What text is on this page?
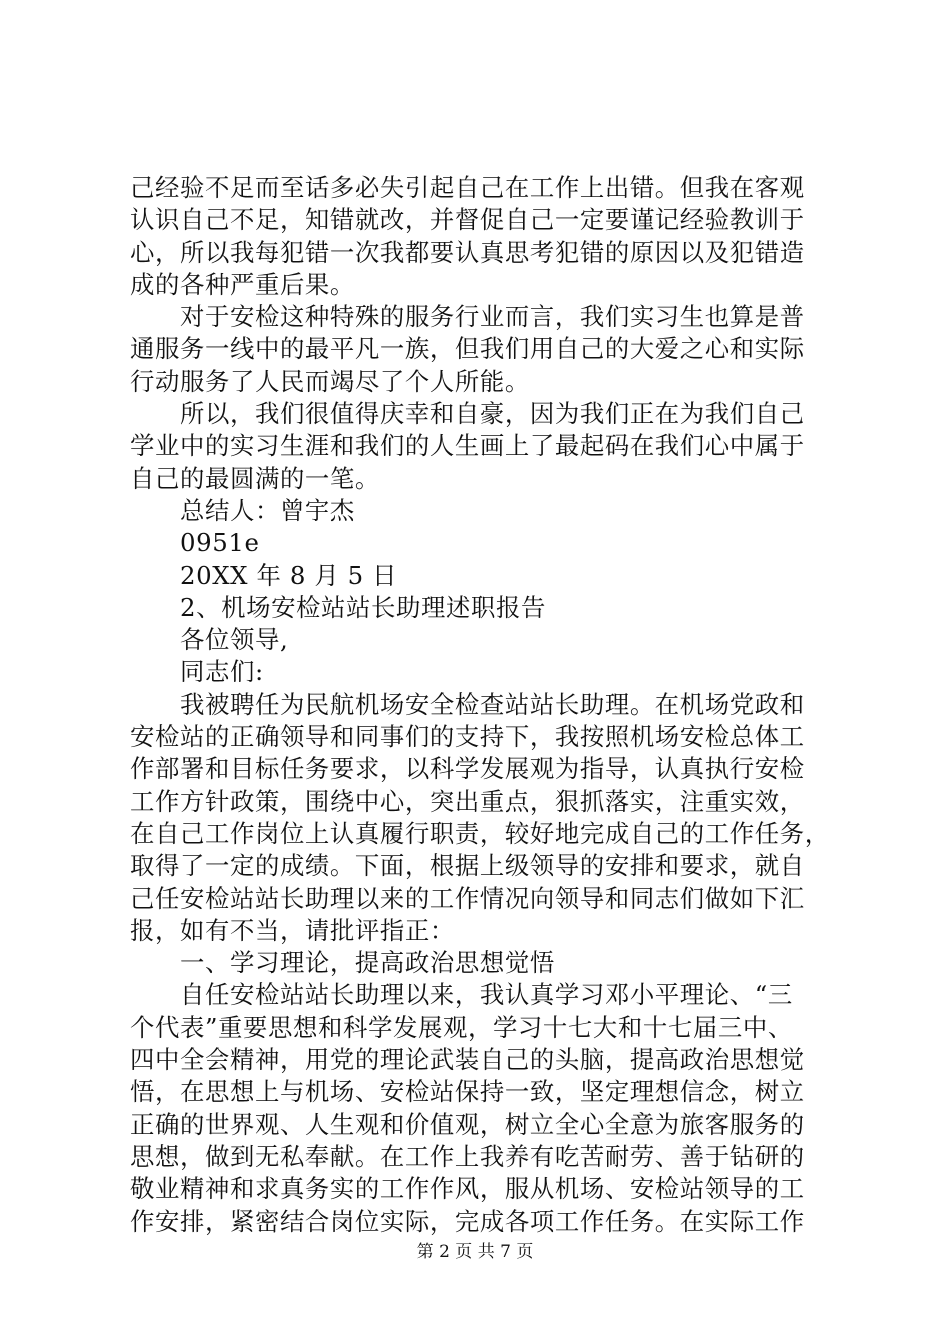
己经验不足而至话多必失引起自己在工作上出错。但我在客观
认识自己不足，知错就改，并督促自己一定要谨记经验教训于
心，所以我每犯错一次我都要认真思考犯错的原因以及犯错造
成的各种严重后果。
　　对于安检这种特殊的服务行业而言，我们实习生也算是普
通服务一线中的最平凡一族，但我们用自己的大爱之心和实际
行动服务了人民而竭尽了个人所能。
　　所以，我们很值得庆幸和自豪，因为我们正在为我们自己
学业中的实习生涯和我们的人生画上了最起码在我们心中属于
自己的最圆满的一笔。
　　总结人：曾宇杰
　　0951e
　　20XX 年 8 月 5 日
　　2、机场安检站站长助理述职报告
　　各位领导,
　　同志们:
　　我被聘任为民航机场安全检查站站长助理。在机场党政和
安检站的正确领导和同事们的支持下，我按照机场安检总体工
作部署和目标任务要求，以科学发展观为指导，认真执行安检
工作方针政策，围绕中心，突出重点，狠抓落实，注重实效，
在自己工作岗位上认真履行职责，较好地完成自己的工作任务，
取得了一定的成绩。下面，根据上级领导的安排和要求，就自
己任安检站站长助理以来的工作情况向领导和同志们做如下汇
报，如有不当，请批评指正：
　　一、学习理论，提高政治思想觉悟
　　自任安检站站长助理以来，我认真学习邓小平理论、“三
个代表”重要思想和科学发展观，学习十七大和十七届三中、
四中全会精神，用党的理论武装自己的头脑，提高政治思想觉
悟，在思想上与机场、安检站保持一致，坚定理想信念，树立
正确的世界观、人生观和价值观，树立全心全意为旅客服务的
思想，做到无私奉献。在工作上我养有吃苦耐劳、善于钻研的
敬业精神和求真务实的工作作风，服从机场、安检站领导的工
作安排，紧密结合岗位实际，完成各项工作任务。在实际工作
第 2 页 共 7 页
